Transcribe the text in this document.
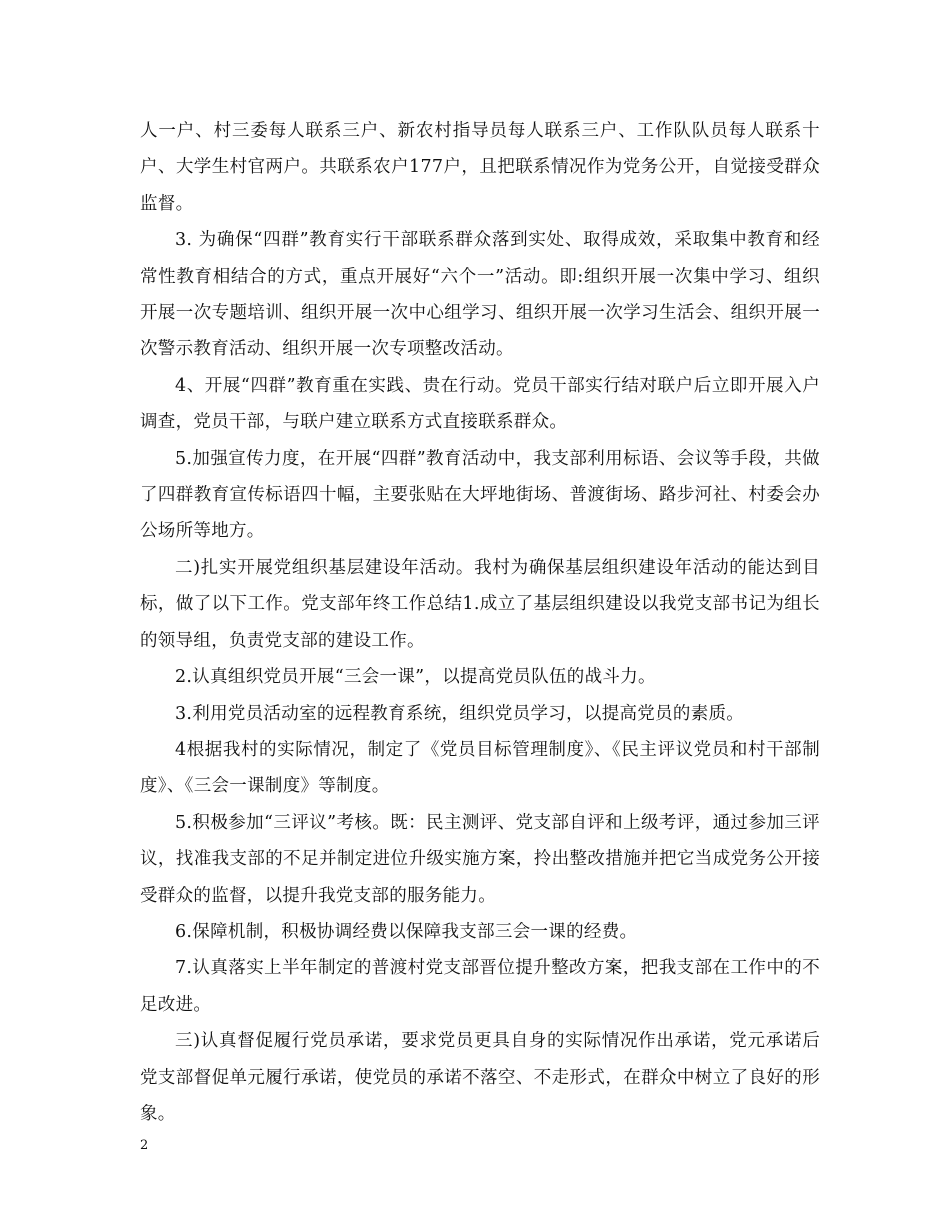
人一户、村三委每人联系三户、新农村指导员每人联系三户、工作队队员每人联系十户、大学生村官两户。共联系农户177户，且把联系情况作为党务公开，自觉接受群众监督。

3. 为确保“四群”教育实行干部联系群众落到实处、取得成效，采取集中教育和经常性教育相结合的方式，重点开展好“六个一”活动。即:组织开展一次集中学习、组织开展一次专题培训、组织开展一次中心组学习、组织开展一次学习生活会、组织开展一次警示教育活动、组织开展一次专项整改活动。

4、开展“四群”教育重在实践、贵在行动。党员干部实行结对联户后立即开展入户调查，党员干部，与联户建立联系方式直接联系群众。

5.加强宣传力度，在开展“四群”教育活动中，我支部利用标语、会议等手段，共做了四群教育宣传标语四十幅，主要张贴在大坪地街场、普渡街场、路步河社、村委会办公场所等地方。

二)扎实开展党组织基层建设年活动。我村为确保基层组织建设年活动的能达到目标，做了以下工作。党支部年终工作总结1.成立了基层组织建设以我党支部书记为组长的领导组，负责党支部的建设工作。

2.认真组织党员开展“三会一课”，以提高党员队伍的战斗力。

3.利用党员活动室的远程教育系统，组织党员学习，以提高党员的素质。

4根据我村的实际情况，制定了《党员目标管理制度》、《民主评议党员和村干部制度》、《三会一课制度》等制度。

5.积极参加“三评议”考核。既：民主测评、党支部自评和上级考评，通过参加三评议，找准我支部的不足并制定进位升级实施方案，拎出整改措施并把它当成党务公开接受群众的监督，以提升我党支部的服务能力。

6.保障机制，积极协调经费以保障我支部三会一课的经费。

7.认真落实上半年制定的普渡村党支部晋位提升整改方案，把我支部在工作中的不足改进。

三)认真督促履行党员承诺，要求党员更具自身的实际情况作出承诺，党元承诺后党支部督促单元履行承诺，使党员的承诺不落空、不走形式，在群众中树立了良好的形象。

2
